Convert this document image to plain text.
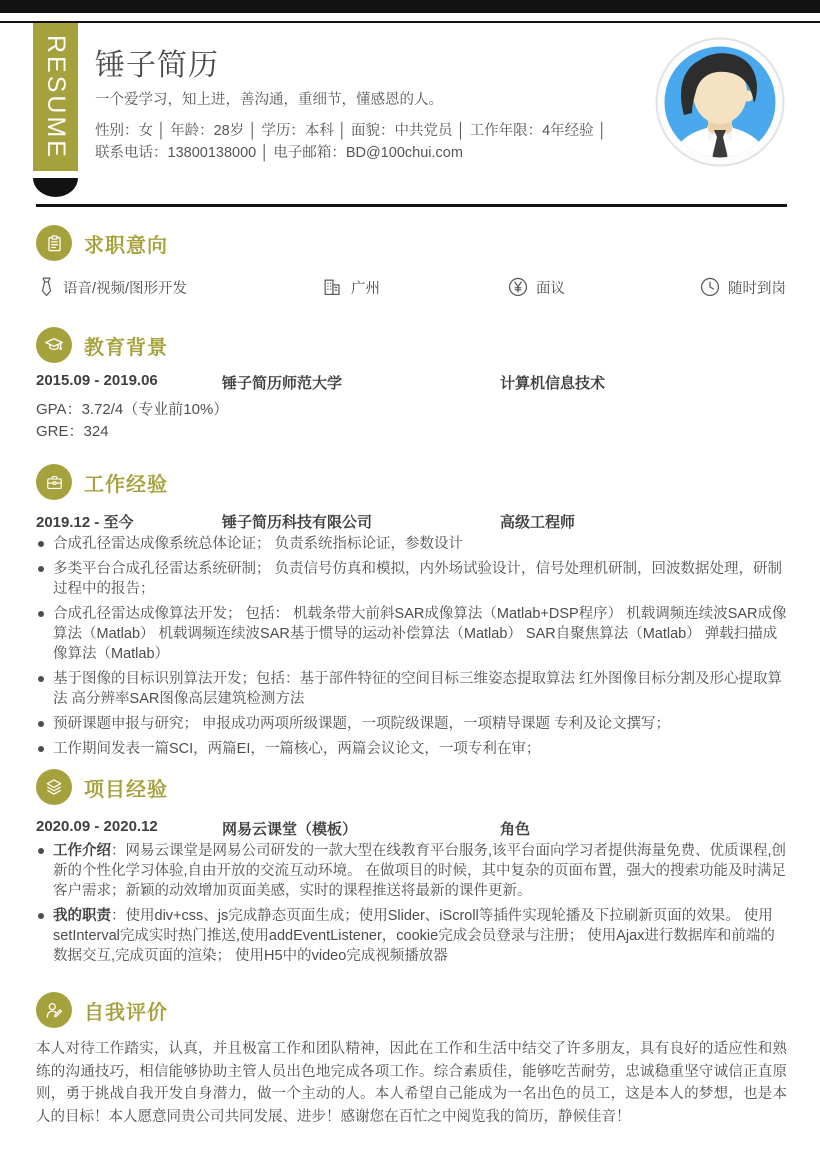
RESUME 锤子简历
一个爱学习，知上进，善沟通，重细节，懂感恩的人。
性别：女 │ 年龄：28岁 │ 学历：本科 │ 面貌：中共党员 │ 工作年限：4年经验 │
联系电话：13800138000 │ 电子邮箱：BD@100chui.com
求职意向
语音/视频/图形开发	广州	面议	随时到岗
教育背景
2015.09 - 2019.06	锤子简历师范大学	计算机信息技术
GPA：3.72/4（专业前10%）
GRE：324
工作经验
2019.12 - 至今	锤子简历科技有限公司	高级工程师
合成孔径雷达成像系统总体论证； 负责系统指标论证，参数设计
多类平台合成孔径雷达系统研制； 负责信号仿真和模拟，内外场试验设计，信号处理机研制，回波数据处理，研制过程中的报告；
合成孔径雷达成像算法开发； 包括： 机载条带大前斜SAR成像算法（Matlab+DSP程序） 机载调频连续波SAR成像算法（Matlab） 机载调频连续波SAR基于惯导的运动补偿算法（Matlab） SAR自聚焦算法（Matlab） 弹载扫描成像算法（Matlab）
基于图像的目标识别算法开发；包括：基于部件特征的空间目标三维姿态提取算法 红外图像目标分割及形心提取算法 高分辨率SAR图像高层建筑检测方法
预研课题申报与研究； 申报成功两项所级课题，一项院级课题，一项精导课题 专利及论文撰写；
工作期间发表一篇SCI，两篇EI，一篇核心，两篇会议论文，一项专利在审；
项目经验
2020.09 - 2020.12	网易云课堂（模板）	角色
工作介绍：网易云课堂是网易公司研发的一款大型在线教育平台服务,该平台面向学习者提供海量免费、优质课程,创新的个性化学习体验,自由开放的交流互动环境。 在做项目的时候，其中复杂的页面布置，强大的搜索功能及时满足客户需求；新颖的动效增加页面美感，实时的课程推送将最新的课件更新。
我的职责：使用div+css、js完成静态页面生成；使用Slider、iScroll等插件实现轮播及下拉刷新页面的效果。 使用setInterval完成实时热门推送,使用addEventListener，cookie完成会员登录与注册； 使用Ajax进行数据库和前端的数据交互,完成页面的渲染； 使用H5中的video完成视频播放器
自我评价
本人对待工作踏实，认真，并且极富工作和团队精神，因此在工作和生活中结交了许多朋友，具有良好的适应性和熟练的沟通技巧，相信能够协助主管人员出色地完成各项工作。综合素质佳，能够吃苦耐劳，忠诚稳重坚守诚信正直原则，勇于挑战自我开发自身潜力，做一个主动的人。本人希望自己能成为一名出色的员工，这是本人的梦想，也是本人的目标！本人愿意同贵公司共同发展、进步！感谢您在百忙之中阅览我的简历，静候佳音！
